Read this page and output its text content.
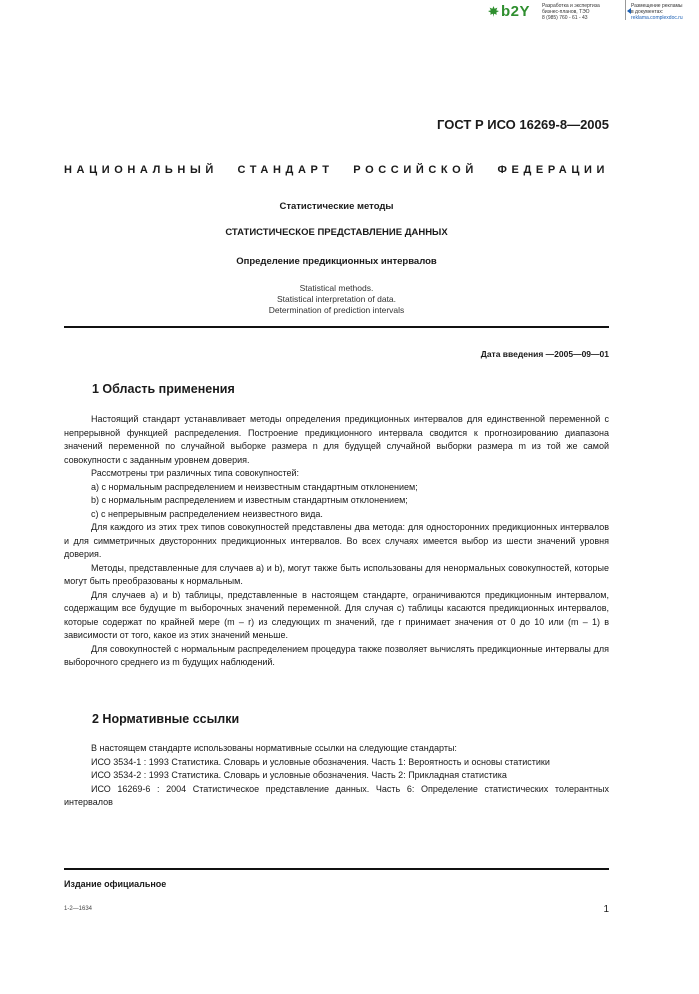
b2Y Разработка и экспертиза
бизнес-планов, ТЭО
8 (985) 760 - 61 - 43
Размещение рекламы
в документах:
reklama.complexdoc.ru
ГОСТ Р ИСО 16269-8—2005
НАЦИОНАЛЬНЫЙ СТАНДАРТ РОССИЙСКОЙ ФЕДЕРАЦИИ
Статистические методы
СТАТИСТИЧЕСКОЕ ПРЕДСТАВЛЕНИЕ ДАННЫХ
Определение предикционных интервалов
Statistical methods.
Statistical interpretation of data.
Determination of prediction intervals
Дата введения —2005—09—01
1 Область применения

Настоящий стандарт устанавливает методы определения предикционных интервалов для единственной переменной с непрерывной функцией распределения. Построение предикционного интервала сводится к прогнозированию диапазона значений переменной по случайной выборке размера n для будущей случайной выборки размера m из той же самой совокупности с заданным уровнем доверия.

Рассмотрены три различных типа совокупностей:

a) с нормальным распределением и неизвестным стандартным отклонением;

b) с нормальным распределением и известным стандартным отклонением;

c) с непрерывным распределением неизвестного вида.

Для каждого из этих трех типов совокупностей представлены два метода: для односторонних предикционных интервалов и для симметричных двусторонних предикционных интервалов. Во всех случаях имеется выбор из шести значений уровня доверия.

Методы, представленные для случаев a) и b), могут также быть использованы для ненормальных совокупностей, которые могут быть преобразованы к нормальным.

Для случаев a) и b) таблицы, представленные в настоящем стандарте, ограничиваются предикционным интервалом, содержащим все будущие m выборочных значений переменной. Для случая c) таблицы касаются предикционных интервалов, которые содержат по крайней мере (m – r) из следующих m значений, где r принимает значения от 0 до 10 или (m – 1) в зависимости от того, какое из этих значений меньше.

Для совокупностей с нормальным распределением процедура также позволяет вычислять предикционные интервалы для выборочного среднего из m будущих наблюдений.

2 Нормативные ссылки

В настоящем стандарте использованы нормативные ссылки на следующие стандарты:

ИСО 3534-1 : 1993 Статистика. Словарь и условные обозначения. Часть 1: Вероятность и основы статистики

ИСО 3534-2 : 1993 Статистика. Словарь и условные обозначения. Часть 2: Прикладная статистика

ИСО 16269-6 : 2004 Статистическое представление данных. Часть 6: Определение статистических толерантных интервалов

Издание официальное
1-2—1634	1
